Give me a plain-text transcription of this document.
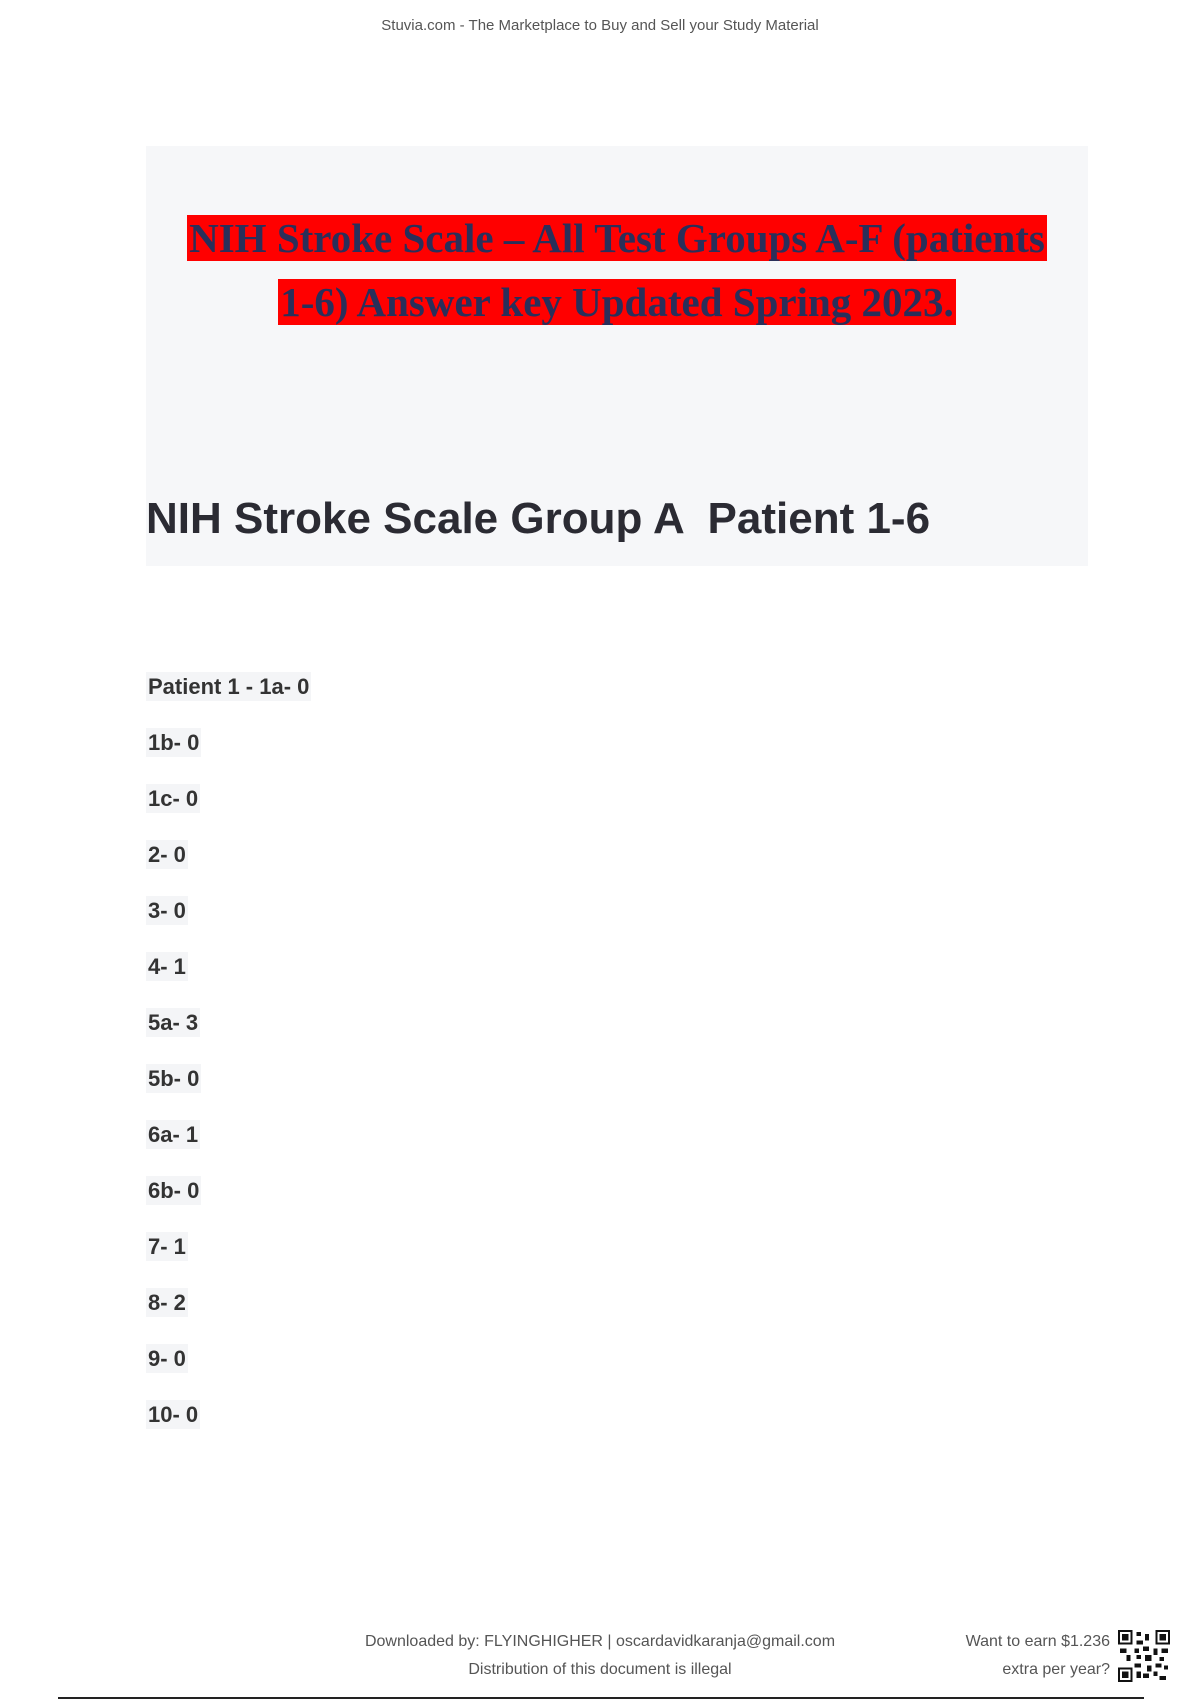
Stuvia.com - The Marketplace to Buy and Sell your Study Material
NIH Stroke Scale – All Test Groups A-F (patients
1-6) Answer key Updated Spring 2023.
NIH Stroke Scale Group A  Patient 1-6
Patient 1 - 1a- 0
1b- 0
1c- 0
2- 0
3- 0
4- 1
5a- 3
5b- 0
6a- 1
6b- 0
7- 1
8- 2
9- 0
10- 0
Downloaded by: FLYINGHIGHER | oscardavidkaranja@gmail.com
Distribution of this document is illegal
Want to earn $1.236
extra per year?
